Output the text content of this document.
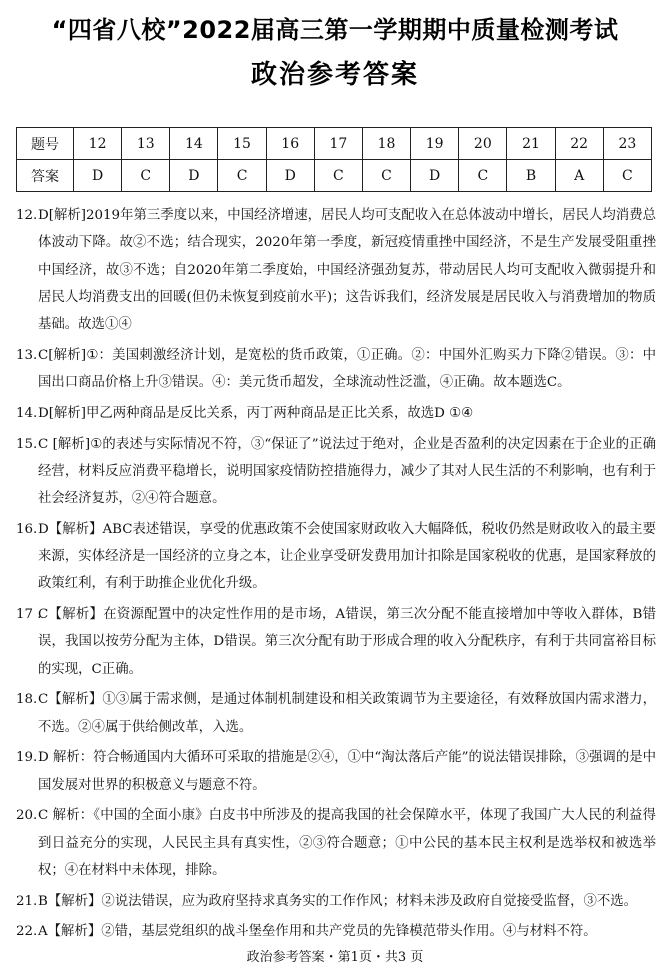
“四省八校”2022届高三第一学期期中质量检测考试
政治参考答案
题号	12	13	14	15	16	17	18	19	20	21	22	23
答案	D	C	D	C	D	C	C	D	C	B	A	C
12. D[解析]2019年第三季度以来，中国经济增速，居民人均可支配收入在总体波动中增长，居民人均消费总体波动下降。故②不选；结合现实，2020年第一季度，新冠疫情重挫中国经济，不是生产发展受阻重挫中国经济，故③不选；自2020年第二季度始，中国经济强劲复苏，带动居民人均可支配收入微弱提升和居民人均消费支出的回暖(但仍未恢复到疫前水平)；这告诉我们，经济发展是居民收入与消费增加的物质基础。故选①④
13. C[解析]①：美国刺激经济计划，是宽松的货币政策，①正确。②：中国外汇购买力下降②错误。③：中国出口商品价格上升③错误。④：美元货币超发，全球流动性泛滥，④正确。故本题选C。
14. D[解析]甲乙两种商品是反比关系，丙丁两种商品是正比关系，故选D ①④
15. C [解析]①的表述与实际情况不符，③“保证了”说法过于绝对，企业是否盈利的决定因素在于企业的正确经营，材料反应消费平稳增长，说明国家疫情防控措施得力，减少了其对人民生活的不利影响，也有利于社会经济复苏，②④符合题意。
16. D【解析】ABC表述错误，享受的优惠政策不会使国家财政收入大幅降低，税收仍然是财政收入的最主要来源，实体经济是一国经济的立身之本，让企业享受研发费用加计扣除是国家税收的优惠，是国家释放的政策红利，有利于助推企业优化升级。
17 .
C【解析】在资源配置中的决定性作用的是市场，A错误，第三次分配不能直接增加中等收入群体，B错误，我国以按劳分配为主体，D错误。第三次分配有助于形成合理的收入分配秩序，有利于共同富裕目标的实现，C正确。
18. C【解析】①③属于需求侧，是通过体制机制建设和相关政策调节为主要途径，有效释放国内需求潜力，不选。②④属于供给侧改革，入选。
19. D 解析：符合畅通国内大循环可采取的措施是②④，①中“淘汰落后产能”的说法错误排除，③强调的是中国发展对世界的积极意义与题意不符。
20. C 解析：《中国的全面小康》白皮书中所涉及的提高我国的社会保障水平，体现了我国广大人民的利益得到日益充分的实现，人民民主具有真实性，②③符合题意；①中公民的基本民主权利是选举权和被选举权；④在材料中未体现，排除。
21. B【解析】②说法错误，应为政府坚持求真务实的工作作风；材料未涉及政府自觉接受监督，③不选。
22. A【解析】②错，基层党组织的战斗堡垒作用和共产党员的先锋模范带头作用。④与材料不符。
政治参考答案・第1页・共3 页
